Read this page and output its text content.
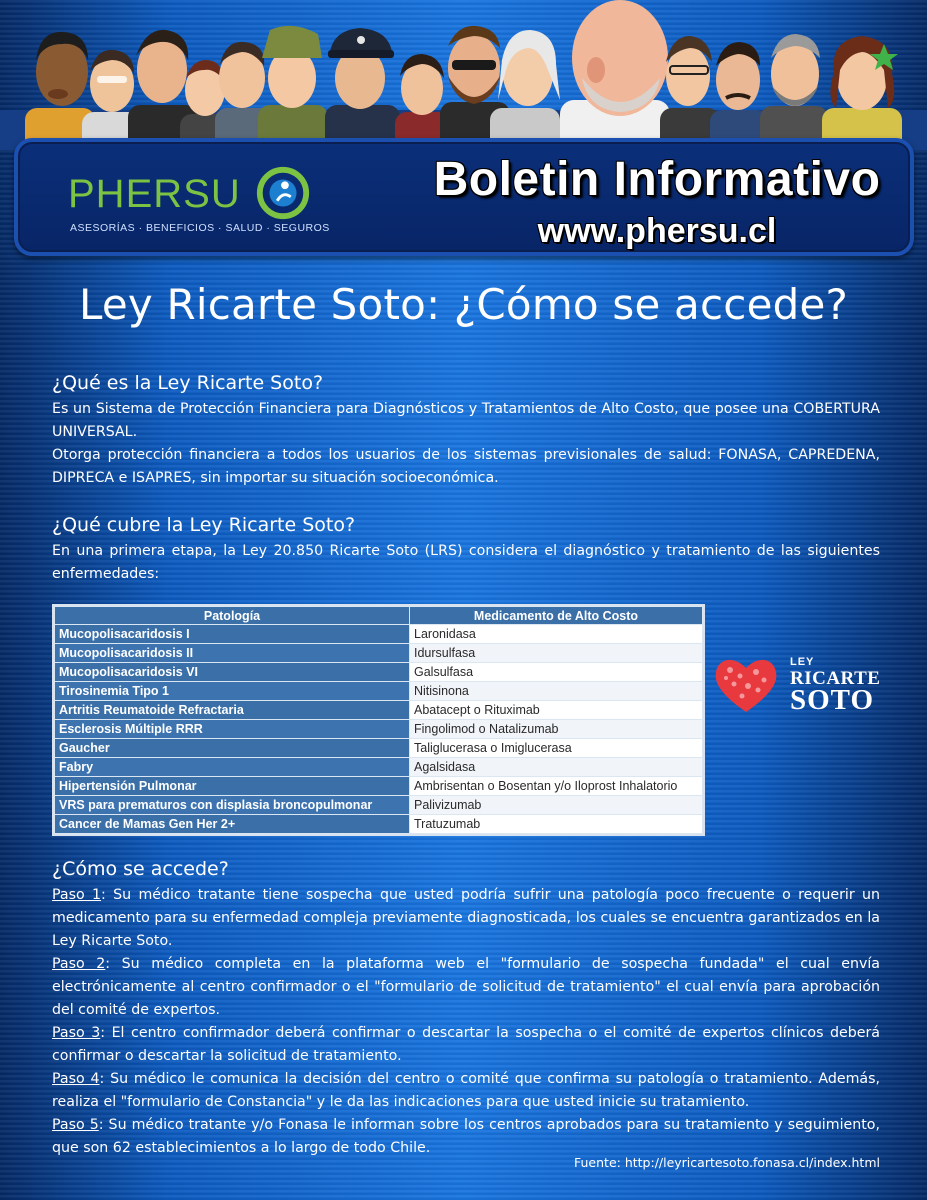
PHERSU
ASESORÍAS · BENEFICIOS · SALUD · SEGUROS
Boletin Informativo
www.phersu.cl
Ley Ricarte Soto: ¿Cómo se accede?
¿Qué es la Ley Ricarte Soto?

Es un Sistema de Protección Financiera para Diagnósticos y Tratamientos de Alto Costo, que posee una COBERTURA UNIVERSAL.

Otorga protección financiera a todos los usuarios de los sistemas previsionales de salud: FONASA, CAPREDENA, DIPRECA e ISAPRES, sin importar su situación socioeconómica.

¿Qué cubre la Ley Ricarte Soto?

En una primera etapa, la Ley 20.850 Ricarte Soto (LRS) considera el diagnóstico y tratamiento de las siguientes enfermedades:

Patología	Medicamento de Alto Costo
Mucopolisacaridosis I	Laronidasa
Mucopolisacaridosis II	Idursulfasa
Mucopolisacaridosis VI	Galsulfasa
Tirosinemia Tipo 1	Nitisinona
Artritis Reumatoide Refractaria	Abatacept o Rituximab
Esclerosis Múltiple RRR	Fingolimod o Natalizumab
Gaucher	Taliglucerasa o Imiglucerasa
Fabry	Agalsidasa
Hipertensión Pulmonar	Ambrisentan o Bosentan y/o Iloprost Inhalatorio
VRS para prematuros con displasia broncopulmonar	Palivizumab
Cancer de Mamas Gen Her 2+	Tratuzumab
LEY
RICARTE
SOTO
¿Cómo se accede?

Paso 1: Su médico tratante tiene sospecha que usted podría sufrir una patología poco frecuente o requerir un medicamento para su enfermedad compleja previamente diagnosticada, los cuales se encuentra garantizados en la Ley Ricarte Soto.

Paso 2: Su médico completa en la plataforma web el "formulario de sospecha fundada" el cual envía electrónicamente al centro confirmador o el "formulario de solicitud de tratamiento" el cual envía para aprobación del comité de expertos.

Paso 3: El centro confirmador deberá confirmar o descartar la sospecha o el comité de expertos clínicos deberá confirmar o descartar la solicitud de tratamiento.

Paso 4: Su médico le comunica la decisión del centro o comité que confirma su patología o tratamiento. Además, realiza el "formulario de Constancia" y le da las indicaciones para que usted inicie su tratamiento.

Paso 5: Su médico tratante y/o Fonasa le informan sobre los centros aprobados para su tratamiento y seguimiento, que son 62 establecimientos a lo largo de todo Chile.

Fuente: http://leyricartesoto.fonasa.cl/index.html
